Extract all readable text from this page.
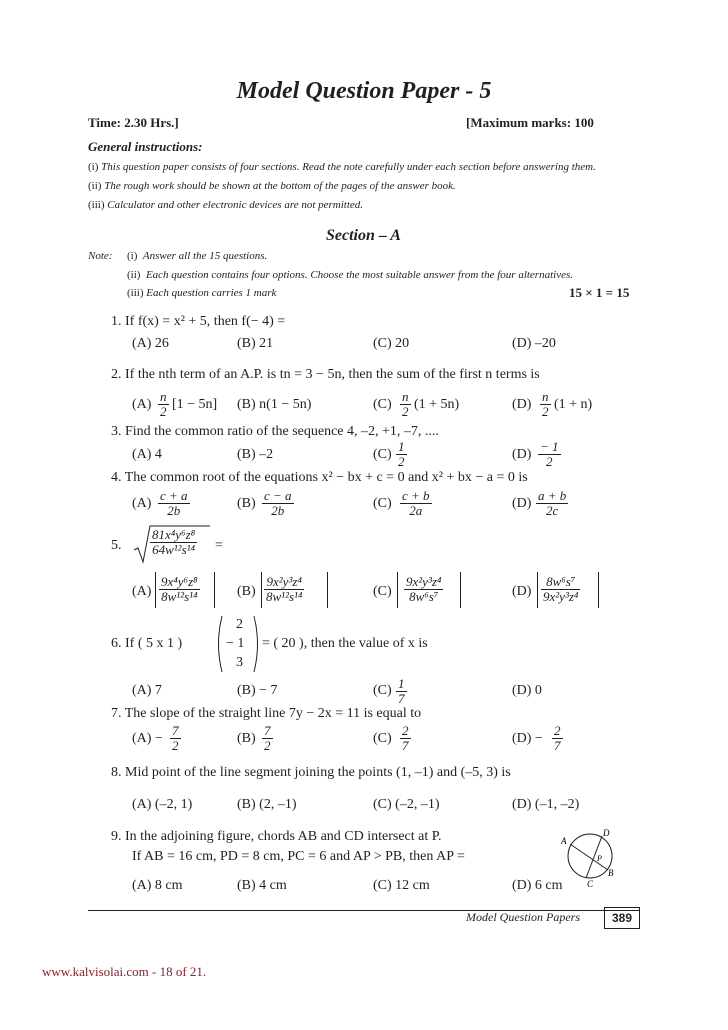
Model Question Paper - 5
Time: 2.30 Hrs.]	[Maximum marks: 100
General instructions:
(i) This question paper consists of four sections. Read the note carefully under each section before answering them.
(ii) The rough work should be shown at the bottom of the pages of the answer book.
(iii) Calculator and other electronic devices are not permitted.
Section – A
Note: (i) Answer all the 15 questions.
(ii) Each question contains four options. Choose the most suitable answer from the four alternatives.
(iii) Each question carries 1 mark	15 × 1 = 15
1. If f(x) = x² + 5, then f(− 4) =
(A) 26	(B) 21	(C) 20	(D) –20
2. If the nth term of an A.P. is tn = 3 − 5n, then the sum of the first n terms is
$(A) \frac{n}{2} [1 - 5n]$ (B) n(1 − 5n)	$(C) \frac{n}{2} (1 + 5n)$	$(D) \frac{n}{2} (1 + n)$
3. Find the common ratio of the sequence 4, –2, +1, –7, ....
(A) 4	(B) –2	$(C) \frac{1}{2}$	$(D) \frac{- 1}{2}$
4. The common root of the equations x² − bx + c = 0 and x² + bx − a = 0 is
$(A) \frac{c + a}{2b}$	$(B) \frac{c - a}{2b}$	$(C) \frac{c + b}{2a}$	$(D) \frac{a + b}{2c}$
5. $\frac{\text{81x⁴y⁶z⁸}}{\text{64w¹²s¹⁴}}$ =
$(A) \frac{\text{9x⁴y⁶z⁸}}{\text{8w¹²s¹⁴}}$	$(B) \frac{\text{9x²y³z⁴}}{\text{8w¹²s¹⁴}}$	$(C) \frac{\text{9x²y³z⁴}}{\text{8w⁶s⁷}}$	$(D) \frac{\text{8w⁶s⁷}}{\text{9x²y³z⁴}}$
6. If ( 5 x 1 )
2
− 1
3
= ( 20 ), then the value of x is
(A) 7	(B) − 7	$(C) \frac{1}{7}$	(D) 0
7. The slope of the straight line 7y − 2x = 11 is equal to
$(A) - \frac{7}{2}$	$(B) \frac{7}{2}$	$(C) \frac{2}{7}$	$(D) - \frac{2}{7}$
8. Mid point of the line segment joining the points (1, –1) and (–5, 3) is
(A) (–2, 1)	(B) (2, –1)	(C) (–2, –1)	(D) (–1, –2)
9. In the adjoining figure, chords AB and CD intersect at P.
If AB = 16 cm, PD = 8 cm, PC = 6 and AP > PB, then AP =
(A) 8 cm	(B) 4 cm	(C) 12 cm	(D) 6 cm
A
D
P
B
C
Model Question Papers	389
www.kalvisolai.com - 18 of 21.
